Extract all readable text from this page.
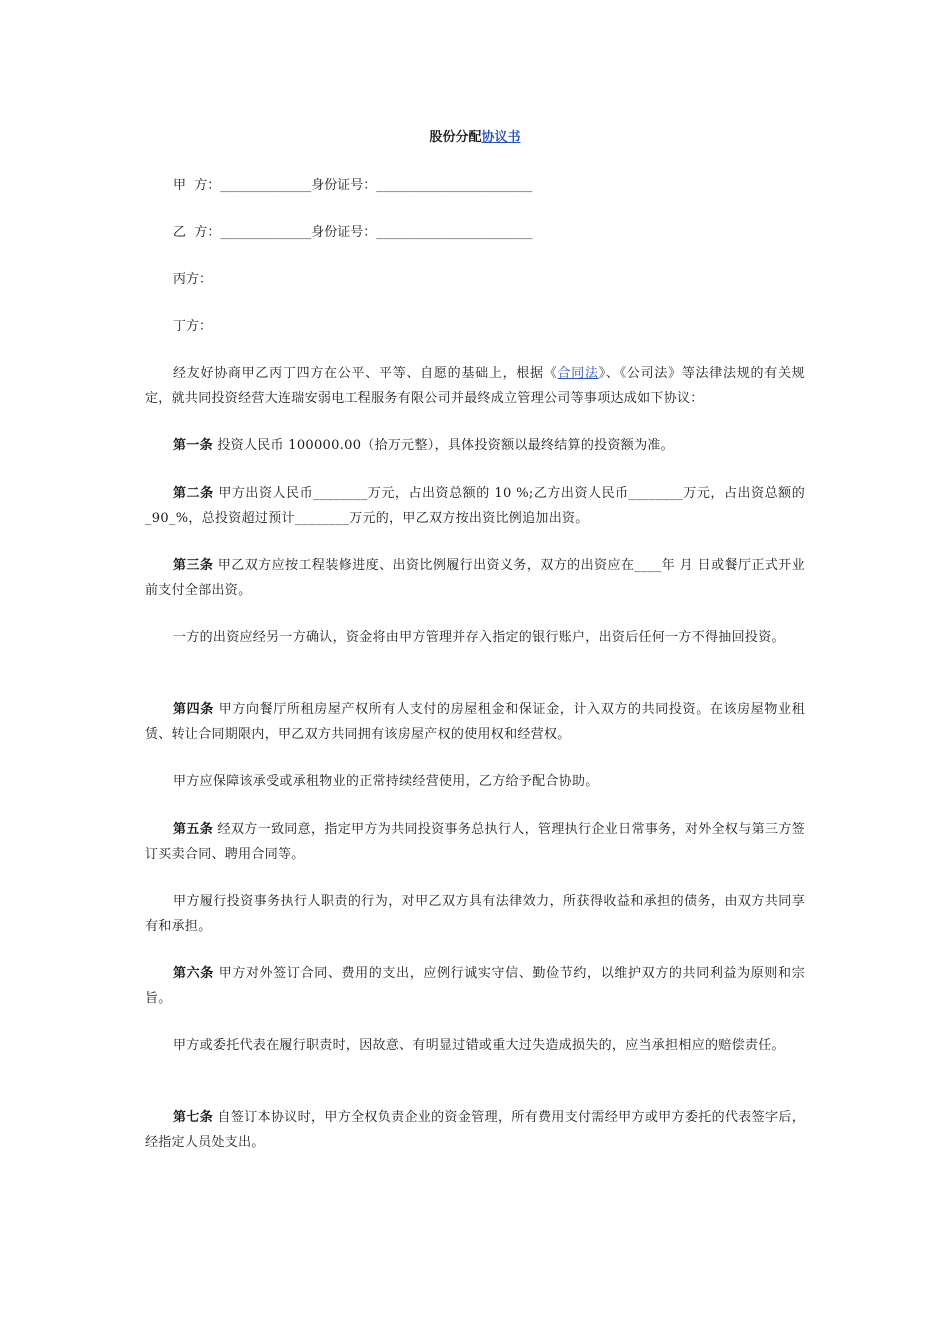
股份分配协议书
甲  方：______________身份证号：________________________
乙  方：______________身份证号：________________________
丙方：
丁方：
经友好协商甲乙丙丁四方在公平、平等、自愿的基础上，根据《合同法》、《公司法》等法律法规的有关规定，就共同投资经营大连瑞安弱电工程服务有限公司并最终成立管理公司等事项达成如下协议：
第一条 投资人民币 100000.00（拾万元整），具体投资额以最终结算的投资额为准。
第二条 甲方出资人民币________万元，占出资总额的 10 %;乙方出资人民币________万元，占出资总额的_90_%，总投资超过预计________万元的，甲乙双方按出资比例追加出资。
第三条 甲乙双方应按工程装修进度、出资比例履行出资义务，双方的出资应在____年 月 日或餐厅正式开业前支付全部出资。
一方的出资应经另一方确认，资金将由甲方管理并存入指定的银行账户，出资后任何一方不得抽回投资。
第四条 甲方向餐厅所租房屋产权所有人支付的房屋租金和保证金，计入双方的共同投资。在该房屋物业租赁、转让合同期限内，甲乙双方共同拥有该房屋产权的使用权和经营权。
甲方应保障该承受或承租物业的正常持续经营使用，乙方给予配合协助。
第五条 经双方一致同意，指定甲方为共同投资事务总执行人，管理执行企业日常事务，对外全权与第三方签订买卖合同、聘用合同等。
甲方履行投资事务执行人职责的行为，对甲乙双方具有法律效力，所获得收益和承担的债务，由双方共同享有和承担。
第六条 甲方对外签订合同、费用的支出，应例行诚实守信、勤俭节约，以维护双方的共同利益为原则和宗旨。
甲方或委托代表在履行职责时，因故意、有明显过错或重大过失造成损失的，应当承担相应的赔偿责任。
第七条 自签订本协议时，甲方全权负责企业的资金管理，所有费用支付需经甲方或甲方委托的代表签字后，经指定人员处支出。
